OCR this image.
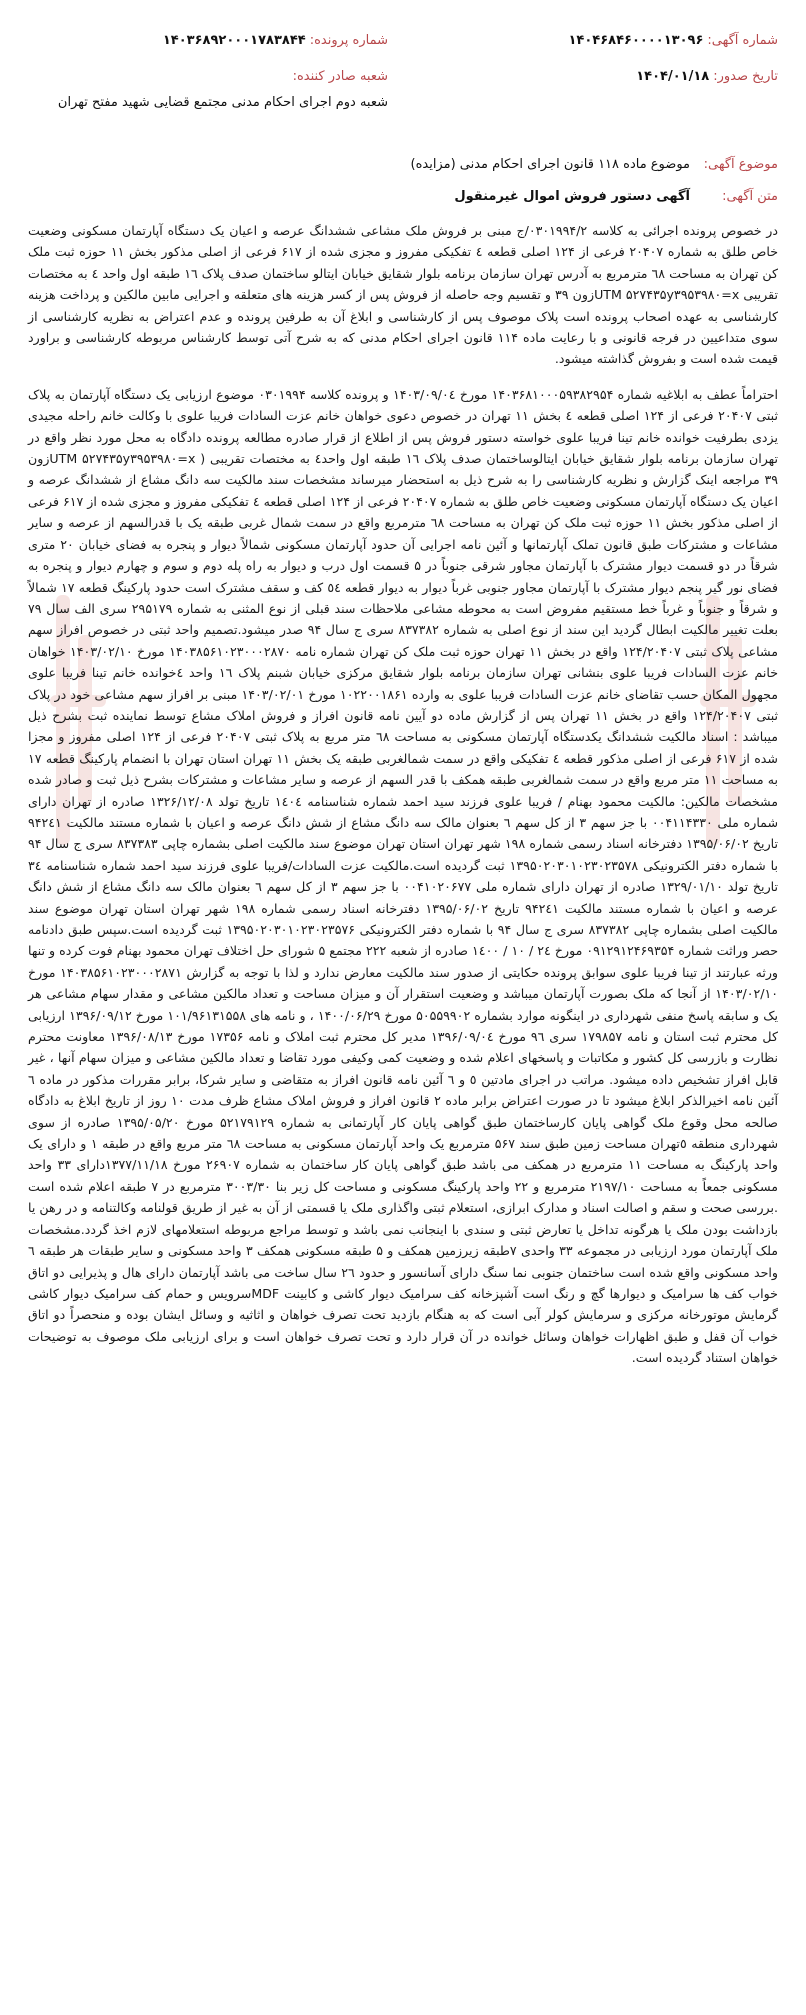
شماره آگهی:
۱۴۰۴۶۸۴۶۰۰۰۰۱۳۰۹۶
تاریخ صدور:
۱۴۰۴/۰۱/۱۸
شماره پرونده:
۱۴۰۳۶۸۹۲۰۰۰۱۷۸۳۸۴۴
شعبه صادر کننده:
شعبه دوم اجرای احکام مدنی مجتمع قضایی شهید مفتح تهران
موضوع آگهی:
موضوع ماده ۱۱۸ قانون اجرای احکام مدنی (مزایده)
متن آگهی:
آگهی دستور فروش اموال غیرمنقول

در خصوص پرونده اجرائی به کلاسه ۰۳۰۱۹۹۴/۲/ج مبنی بر فروش ملک مشاعی ششدانگ عرصه و اعیان یک دستگاه آپارتمان مسکونی وضعیت خاص طلق به شماره ۲۰۴۰۷ فرعی از ۱۲۴ اصلی قطعه ٤ تفکیکی مفروز و مجزی شده از ۶۱۷ فرعی از اصلی مذکور بخش ۱۱ حوزه ثبت ملک کن تهران به مساحت ٦٨ مترمربع به آدرس تهران سازمان برنامه بلوار شقایق خیابان ایتالو ساختمان صدف پلاک ١٦ طبقه اول واحد ٤ به مختصات تقریبی UTM ۵۲۷۴۳۵y۳۹۵۳۹۸۰=xزون ۳۹ و تقسیم وجه حاصله از فروش پس از کسر هزینه های متعلقه و اجرایی مابین مالکین و پرداخت هزینه کارشناسی به عهده اصحاب پرونده است پلاک موصوف پس از کارشناسی و ابلاغ آن به طرفین پرونده و عدم اعتراض به نظریه کارشناسی از سوی متداعیین در فرجه قانونی و با رعایت ماده ۱۱۴ قانون اجرای احکام مدنی که به شرح آتی توسط کارشناس مربوطه کارشناسی و براورد قیمت شده است و بفروش گذاشته میشود.

احتراماً عطف به ابلاغیه شماره ۱۴۰۳۶۸۱۰۰۰۵۹۳۸۲۹۵۴ مورخ ۱۴۰۳/۰۹/۰٤ و پرونده کلاسه ۰۳۰۱۹۹۴ موضوع ارزیابی یک دستگاه آپارتمان به پلاک ثبتی ۲۰۴۰۷ فرعی از ۱۲۴ اصلی قطعه ٤ بخش ۱۱ تهران در خصوص دعوی خواهان خانم عزت السادات فریبا علوی با وکالت خانم راحله مجیدی یزدی بطرفیت خوانده خانم تینا فریبا علوی خواسته دستور فروش پس از اطلاع از قرار صادره مطالعه پرونده دادگاه به محل مورد نظر واقع در تهران سازمان برنامه بلوار شقایق خیابان ایتالوساختمان صدف پلاک ١٦ طبقه اول واحد٤ به مختصات تقریبی ( UTM ۵۲۷۴۳۵y۳۹۵۳۹۸۰=xزون ۳۹ مراجعه اینک گزارش و نظریه کارشناسی را به شرح ذیل به استحضار میرساند مشخصات سند مالکیت سه دانگ مشاع از ششدانگ عرصه و اعیان یک دستگاه آپارتمان مسکونی وضعیت خاص طلق به شماره ۲۰۴۰۷ فرعی از ۱۲۴ اصلی قطعه ٤ تفکیکی مفروز و مجزی شده از ۶۱۷ فرعی از اصلی مذکور بخش ۱۱ حوزه ثبت ملک کن تهران به مساحت ٦٨ مترمربع واقع در سمت شمال غربی طبقه یک با قدرالسهم از عرصه و سایر مشاعات و مشترکات طبق قانون تملک آپارتمانها و آئین نامه اجرایی آن حدود آپارتمان مسکونی شمالاً دیوار و پنجره به فضای خیابان ۲۰ متری شرقاً در دو قسمت دیوار مشترک با آپارتمان مجاور شرقی جنوباً در ۵ قسمت اول درب و دیوار به راه پله دوم و سوم و چهارم دیوار و پنجره به فضای نور گیر پنجم دیوار مشترک با آپارتمان مجاور جنوبی غرباً دیوار به دیوار قطعه ٥٤ کف و سقف مشترک است حدود پارکینگ قطعه ۱۷ شمالاً و شرقاً و جنوباً و غرباً خط مستقیم مفروض است به محوطه مشاعی ملاحظات سند قبلی از نوع المثنی به شماره ۲۹۵۱۷۹ سری الف سال ۷۹ بعلت تغییر مالکیت ابطال گردید این سند از نوع اصلی به شماره ۸۳۷۳۸۲ سری ج سال ۹۴ صدر میشود.تصمیم واحد ثبتی در خصوص افراز سهم مشاعی پلاک ثبتی ۱۲۴/۲۰۴۰۷ واقع در بخش ۱۱ تهران حوزه ثبت ملک کن تهران شماره نامه ۱۴۰۳۸۵۶۱۰۲۳۰۰۰۲۸۷۰ مورخ ۱۴۰۳/۰۲/۱۰ خواهان خانم عزت السادات فریبا علوی بنشانی تهران سازمان برنامه بلوار شقایق مرکزی خیابان شبنم پلاک ١٦ واحد ٤خوانده خانم تینا فریبا علوی مجهول المکان حسب تقاضای خانم عزت السادات فریبا علوی به وارده ۱۰۲۲۰۰۱۸۶۱ مورخ ۱۴۰۳/۰۲/۰۱ مبنی بر افراز سهم مشاعی خود در پلاک ثبتی ۱۲۴/۲۰۴۰۷ واقع در بخش ۱۱ تهران پس از گزارش ماده دو آیین نامه قانون افراز و فروش املاک مشاع توسط نماینده ثبت بشرح ذیل میباشد : اسناد مالکیت ششدانگ یکدستگاه آپارتمان مسکونی به مساحت ٦٨ متر مربع به پلاک ثبتی ۲۰۴۰۷ فرعی از ۱۲۴ اصلی مفروز و مجزا شده از ۶۱۷ فرعی از اصلی مذکور قطعه ٤ تفکیکی واقع در سمت شمالغربی طبقه یک بخش ۱۱ تهران استان تهران با انضمام پارکینگ قطعه ۱۷ به مساحت ۱۱ متر مربع واقع در سمت شمالغربی طبقه همکف با قدر السهم از عرصه و سایر مشاعات و مشترکات بشرح ذیل ثبت و صادر شده مشخصات مالکین: مالکیت محمود بهنام / فریبا علوی فرزند سید احمد شماره شناسنامه ۱٤٠٤ تاریخ تولد ۱۳۲۶/۱۲/۰۸ صادره از تهران دارای شماره ملی ۰۰۴۱۱۴۳۳۰ با جز سهم ۳ از کل سهم ٦ بعنوان مالک سه دانگ مشاع از شش دانگ عرصه و اعیان با شماره مستند مالکیت ۹۴۲٤١ تاریخ ۱۳۹۵/۰۶/۰۲ دفترخانه اسناد رسمی شماره ۱۹۸ شهر تهران استان تهران موضوع سند مالکیت اصلی بشماره چاپی ۸۳۷۳۸۳ سری ج سال ۹۴ با شماره دفتر الکترونیکی ۱۳۹۵۰۲۰۳۰۱۰۲۳۰۲۳۵۷۸ ثبت گردیده است.مالکیت عزت السادات/فریبا علوی فرزند سید احمد شماره شناسنامه ۳٤ تاریخ تولد ۱۳۲۹/۰۱/۱۰ صادره از تهران دارای شماره ملی ۰۰۴۱۰۲۰۶۷۷ با جز سهم ۳ از کل سهم ٦ بعنوان مالک سه دانگ مشاع از شش دانگ عرصه و اعیان با شماره مستند مالکیت ۹۴۲٤١ تاریخ ۱۳۹۵/۰۶/۰۲ دفترخانه اسناد رسمی شماره ۱۹۸ شهر تهران استان تهران موضوع سند مالکیت اصلی بشماره چاپی ۸۳۷۳۸۲ سری ج سال ۹۴ با شماره دفتر الکترونیکی ۱۳۹۵۰۲۰۳۰۱۰۲۳۰۲۳۵۷۶ ثبت گردیده است.سپس طبق دادنامه حصر وراثت شماره ۰۹۱۲۹۱۲۴۶۹۳۵۴ مورخ ۲٤ / ۱۰ / ۱٤۰۰ صادره از شعبه ۲۲۲ مجتمع ۵ شورای حل اختلاف تهران محمود بهنام فوت کرده و تنها ورثه عبارتند از تینا فریبا علوی سوابق پرونده حکایتی از صدور سند مالکیت معارض ندارد و لذا با توجه به گزارش ۱۴۰۳۸۵۶۱۰۲۳۰۰۰۲۸۷۱ مورخ ۱۴۰۳/۰۲/۱۰ از آنجا که ملک بصورت آپارتمان میباشد و وضعیت استقرار آن و میزان مساحت و تعداد مالکین مشاعی و مقدار سهام مشاعی هر یک و سابقه پاسخ منفی شهرداری در اینگونه موارد بشماره ۵۰۵۵۹۹۰۲ مورخ ۱۴۰۰/۰۶/۲۹ ، و نامه های ۱۰۱/۹۶۱۳۱۵۵۸ مورخ ۱۳۹۶/۰۹/۱۲ ارزیابی کل محترم ثبت استان و نامه ۱۷۹۸۵۷ سری ٩٦ مورخ ۱۳۹۶/۰۹/۰٤ مدیر کل محترم ثبت املاک و نامه ۱۷۳۵۶ مورخ ۱۳۹۶/۰۸/۱۳ معاونت محترم نظارت و بازرسی کل کشور و مکاتبات و پاسخهای اعلام شده و وضعیت کمی وکیفی مورد تقاضا و تعداد مالکین مشاعی و میزان سهام آنها ، غیر قابل افراز تشخیص داده میشود. مراتب در اجرای مادتین ٥ و ٦ آئین نامه قانون افراز به متقاضی و سایر شرکا، برابر مقررات مذکور در ماده ٦ آئین نامه اخیرالذکر ابلاغ میشود تا در صورت اعتراض برابر ماده ۲ قانون افراز و فروش املاک مشاع ظرف مدت ۱۰ روز از تاریخ ابلاغ به دادگاه صالحه محل وقوع ملک گواهی پایان کارساختمان طبق گواهی پایان کار آپارتمانی به شماره ۵۲۱۷۹۱۲۹ مورخ ۱۳۹۵/۰۵/۲۰ صادره از سوی شهرداری منطقه ٥تهران مساحت زمین طبق سند ۵۶۷ مترمربع یک واحد آپارتمان مسکونی به مساحت ٦٨ متر مربع واقع در طبقه ۱ و دارای یک واحد پارکینگ به مساحت ۱۱ مترمربع در همکف می باشد طبق گواهی پایان کار ساختمان به شماره ۲۶۹۰۷ مورخ ۱۳۷۷/۱۱/۱۸دارای ۳۳ واحد مسکونی جمعاً به مساحت ۲۱۹۷/۱۰ مترمربع و ۲۲ واحد پارکینگ مسکونی و مساحت کل زیر بنا ۳۰۰۳/۳۰ مترمربع در ۷ طبقه اعلام شده است .بررسی صحت و سقم و اصالت اسناد و مدارک ابرازی، استعلام ثبتی واگذاری ملک یا قسمتی از آن به غیر از طریق قولنامه وکالتنامه و در رهن یا بازداشت بودن ملک یا هرگونه تداخل یا تعارض ثبتی و سندی با اینجانب نمی باشد و توسط مراجع مربوطه استعلامهای لازم اخذ گردد.مشخصات ملک آپارتمان مورد ارزیابی در مجموعه ۳۳ واحدی ۷طبقه زیرزمین همکف و ۵ طبقه مسکونی همکف ۳ واحد مسکونی و سایر طبقات هر طبقه ٦ واحد مسکونی واقع شده است ساختمان جنوبی نما سنگ دارای آسانسور و حدود ٢٦ سال ساخت می باشد آپارتمان دارای هال و پذیرایی دو اتاق خواب کف ها سرامیک و دیوارها گچ و رنگ است آشپزخانه کف سرامیک دیوار کاشی و کابینت MDFسرویس و حمام کف سرامیک دیوار کاشی گرمایش موتورخانه مرکزی و سرمایش کولر آبی است که به هنگام بازدید تحت تصرف خواهان و اثاثیه و وسائل ایشان بوده و منحصراً دو اتاق خواب آن قفل و طبق اظهارات خواهان وسائل خوانده در آن قرار دارد و تحت تصرف خواهان است و برای ارزیابی ملک موصوف به توضیحات خواهان استناد گردیده است.
